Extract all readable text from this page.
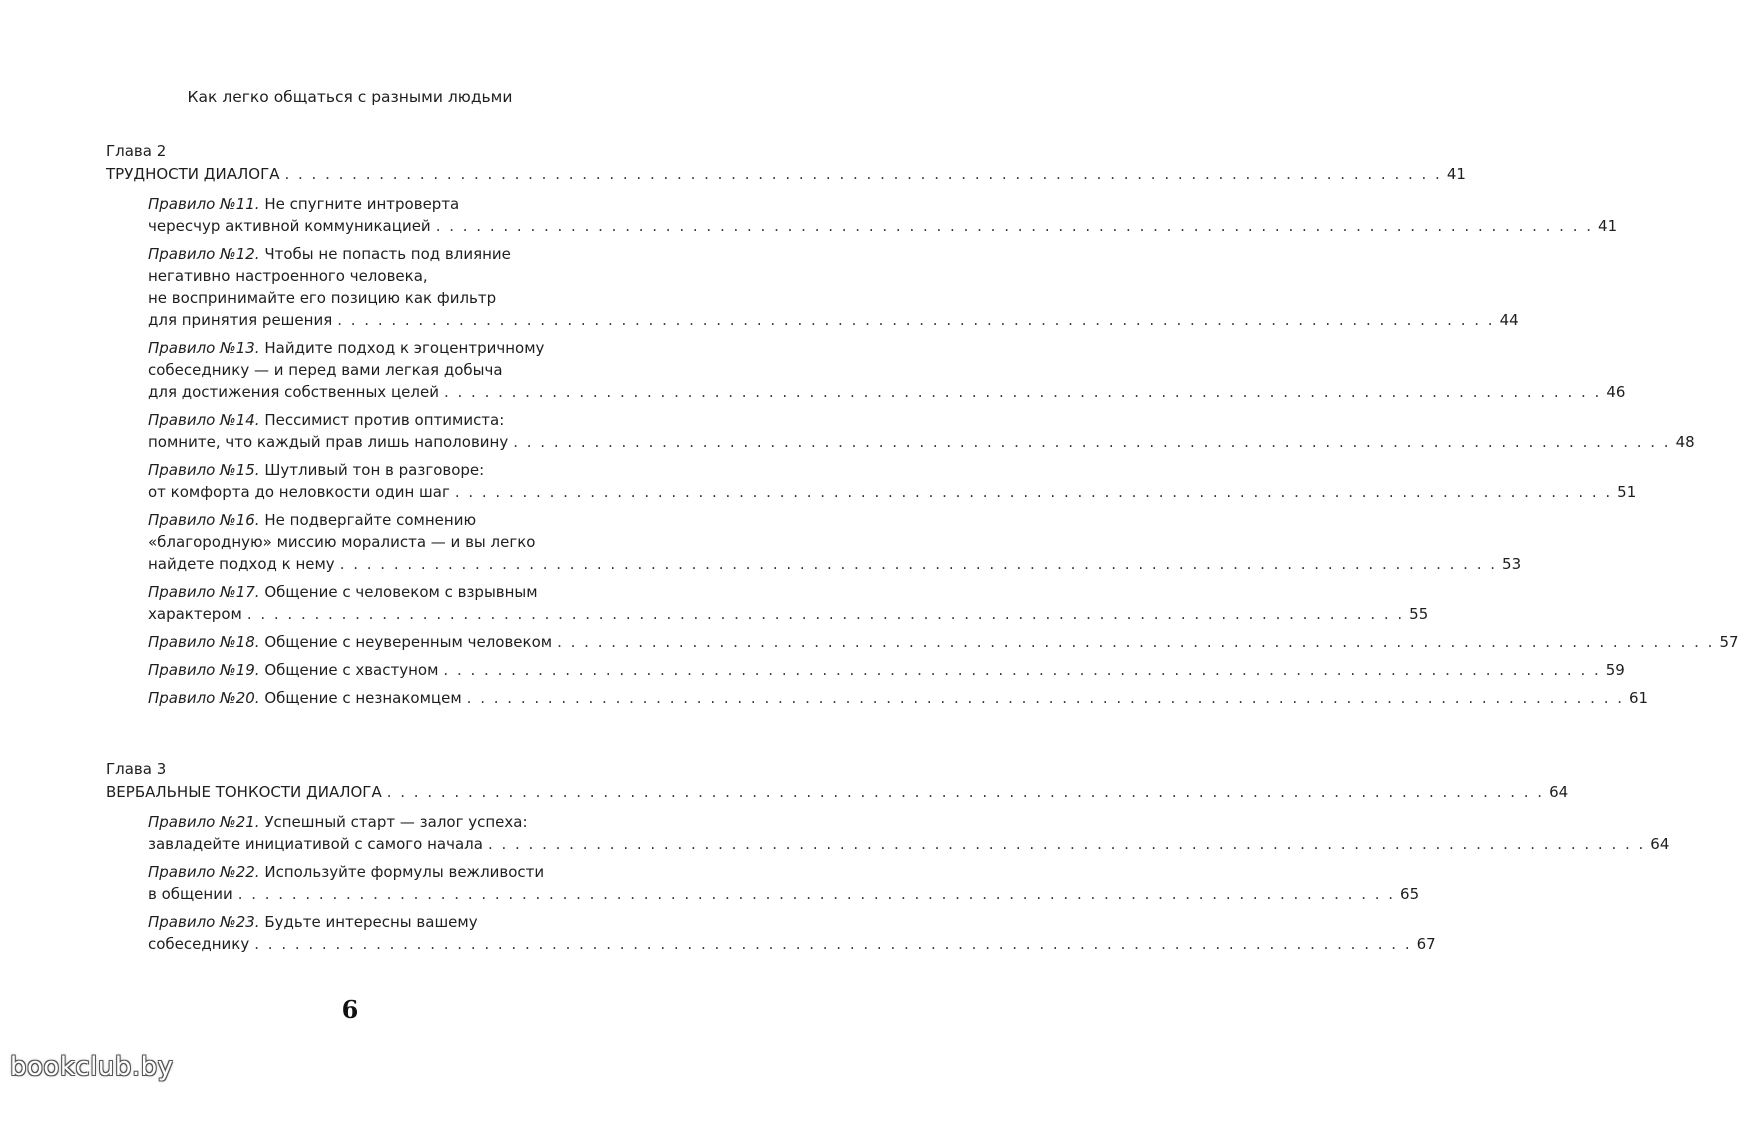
Как легко общаться с разными людьми
Глава 2
ТРУДНОСТИ ДИАЛОГА . . . . . . . . . . . . . . . . . . . . . . . . . . . . . . . . . . . . . . . . . . . . . . . . . . . . . . . . . . . . . . . . . . . . . . . . . . . . . . . . . . . . . . 41
Правило №11. Не спугните интроверта
чересчур активной коммуникацией . . . . . . . . . . . . . . . . . . . . . . . . . . . . . . . . . . . . . . . . . . . . . . . . . . . . . . . . . . . . . . . . . . . . . . . . . . . . . . . . . . . . . . 41
Правило №12. Чтобы не попасть под влияние
негативно настроенного человека,
не воспринимайте его позицию как фильтр
для принятия решения . . . . . . . . . . . . . . . . . . . . . . . . . . . . . . . . . . . . . . . . . . . . . . . . . . . . . . . . . . . . . . . . . . . . . . . . . . . . . . . . . . . . . . 44
Правило №13. Найдите подход к эгоцентричному
собеседнику — и перед вами легкая добыча
для достижения собственных целей . . . . . . . . . . . . . . . . . . . . . . . . . . . . . . . . . . . . . . . . . . . . . . . . . . . . . . . . . . . . . . . . . . . . . . . . . . . . . . . . . . . . . . 46
Правило №14. Пессимист против оптимиста:
помните, что каждый прав лишь наполовину . . . . . . . . . . . . . . . . . . . . . . . . . . . . . . . . . . . . . . . . . . . . . . . . . . . . . . . . . . . . . . . . . . . . . . . . . . . . . . . . . . . . . . 48
Правило №15. Шутливый тон в разговоре:
от комфорта до неловкости один шаг . . . . . . . . . . . . . . . . . . . . . . . . . . . . . . . . . . . . . . . . . . . . . . . . . . . . . . . . . . . . . . . . . . . . . . . . . . . . . . . . . . . . . . 51
Правило №16. Не подвергайте сомнению
«благородную» миссию моралиста — и вы легко
найдете подход к нему . . . . . . . . . . . . . . . . . . . . . . . . . . . . . . . . . . . . . . . . . . . . . . . . . . . . . . . . . . . . . . . . . . . . . . . . . . . . . . . . . . . . . . 53
Правило №17. Общение с человеком с взрывным
характером . . . . . . . . . . . . . . . . . . . . . . . . . . . . . . . . . . . . . . . . . . . . . . . . . . . . . . . . . . . . . . . . . . . . . . . . . . . . . . . . . . . . . . 55
Правило №18. Общение с неуверенным человеком . . . . . . . . . . . . . . . . . . . . . . . . . . . . . . . . . . . . . . . . . . . . . . . . . . . . . . . . . . . . . . . . . . . . . . . . . . . . . . . . . . . . . . 57
Правило №19. Общение с хвастуном . . . . . . . . . . . . . . . . . . . . . . . . . . . . . . . . . . . . . . . . . . . . . . . . . . . . . . . . . . . . . . . . . . . . . . . . . . . . . . . . . . . . . . 59
Правило №20. Общение с незнакомцем . . . . . . . . . . . . . . . . . . . . . . . . . . . . . . . . . . . . . . . . . . . . . . . . . . . . . . . . . . . . . . . . . . . . . . . . . . . . . . . . . . . . . . 61
Глава 3
ВЕРБАЛЬНЫЕ ТОНКОСТИ ДИАЛОГА . . . . . . . . . . . . . . . . . . . . . . . . . . . . . . . . . . . . . . . . . . . . . . . . . . . . . . . . . . . . . . . . . . . . . . . . . . . . . . . . . . . . . . 64
Правило №21. Успешный старт — залог успеха:
завладейте инициативой с самого начала . . . . . . . . . . . . . . . . . . . . . . . . . . . . . . . . . . . . . . . . . . . . . . . . . . . . . . . . . . . . . . . . . . . . . . . . . . . . . . . . . . . . . . 64
Правило №22. Используйте формулы вежливости
в общении . . . . . . . . . . . . . . . . . . . . . . . . . . . . . . . . . . . . . . . . . . . . . . . . . . . . . . . . . . . . . . . . . . . . . . . . . . . . . . . . . . . . . . 65
Правило №23. Будьте интересны вашему
собеседнику . . . . . . . . . . . . . . . . . . . . . . . . . . . . . . . . . . . . . . . . . . . . . . . . . . . . . . . . . . . . . . . . . . . . . . . . . . . . . . . . . . . . . . 67
6
bookclub.by
